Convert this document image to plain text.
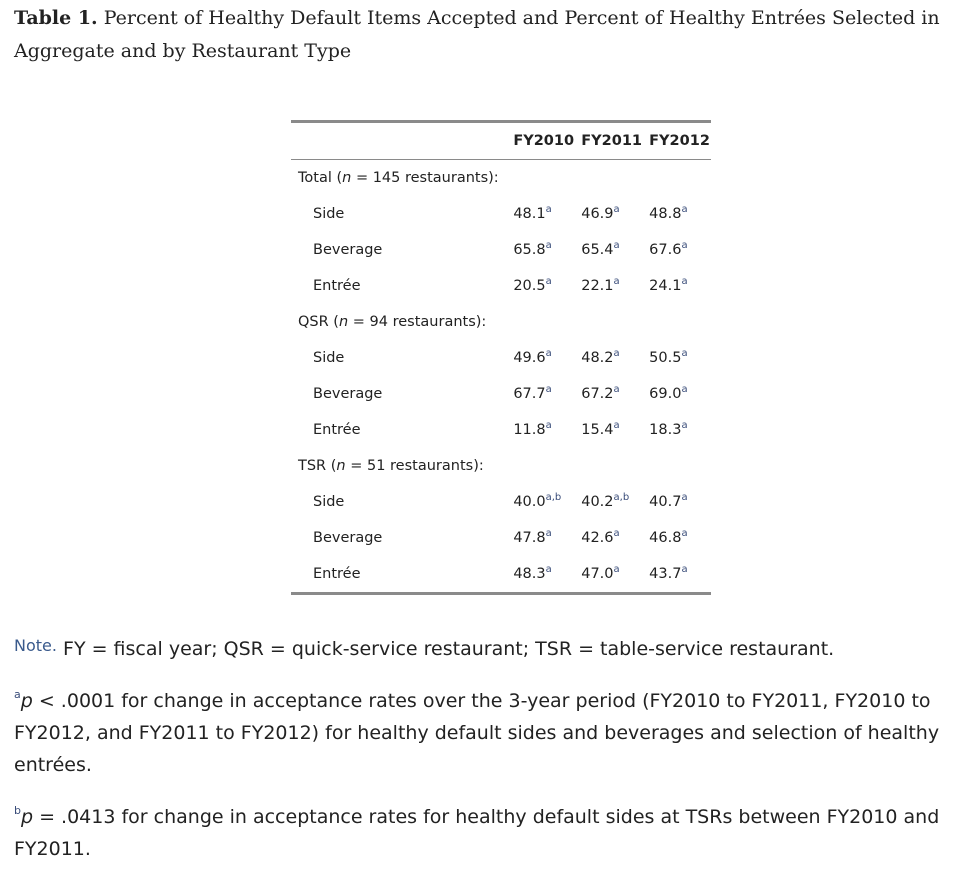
Table 1. Percent of Healthy Default Items Accepted and Percent of Healthy Entrées Selected in Aggregate and by Restaurant Type
	FY2010	FY2011	FY2012
Total (n = 145 restaurants):			
Side	48.1$^a$	46.9$^a$	48.8$^a$
Beverage	65.8$^a$	65.4$^a$	67.6$^a$
Entrée	20.5$^a$	22.1$^a$	24.1$^a$
QSR (n = 94 restaurants):			
Side	49.6$^a$	48.2$^a$	50.5$^a$
Beverage	67.7$^a$	67.2$^a$	69.0$^a$
Entrée	11.8$^a$	15.4$^a$	18.3$^a$
TSR (n = 51 restaurants):			
Side	40.0$^{a,b}$	40.2$^{a,b}$	40.7$^a$
Beverage	47.8$^a$	42.6$^a$	46.8$^a$
Entrée	48.3$^a$	47.0$^a$	43.7$^a$

$^{Note.}$ FY = fiscal year; QSR = quick-service restaurant; TSR = table-service restaurant.

$^a$p < .0001 for change in acceptance rates over the 3-year period (FY2010 to FY2011, FY2010 to FY2012, and FY2011 to FY2012) for healthy default sides and beverages and selection of healthy entrées.

$^b$p = .0413 for change in acceptance rates for healthy default sides at TSRs between FY2010 and FY2011.
